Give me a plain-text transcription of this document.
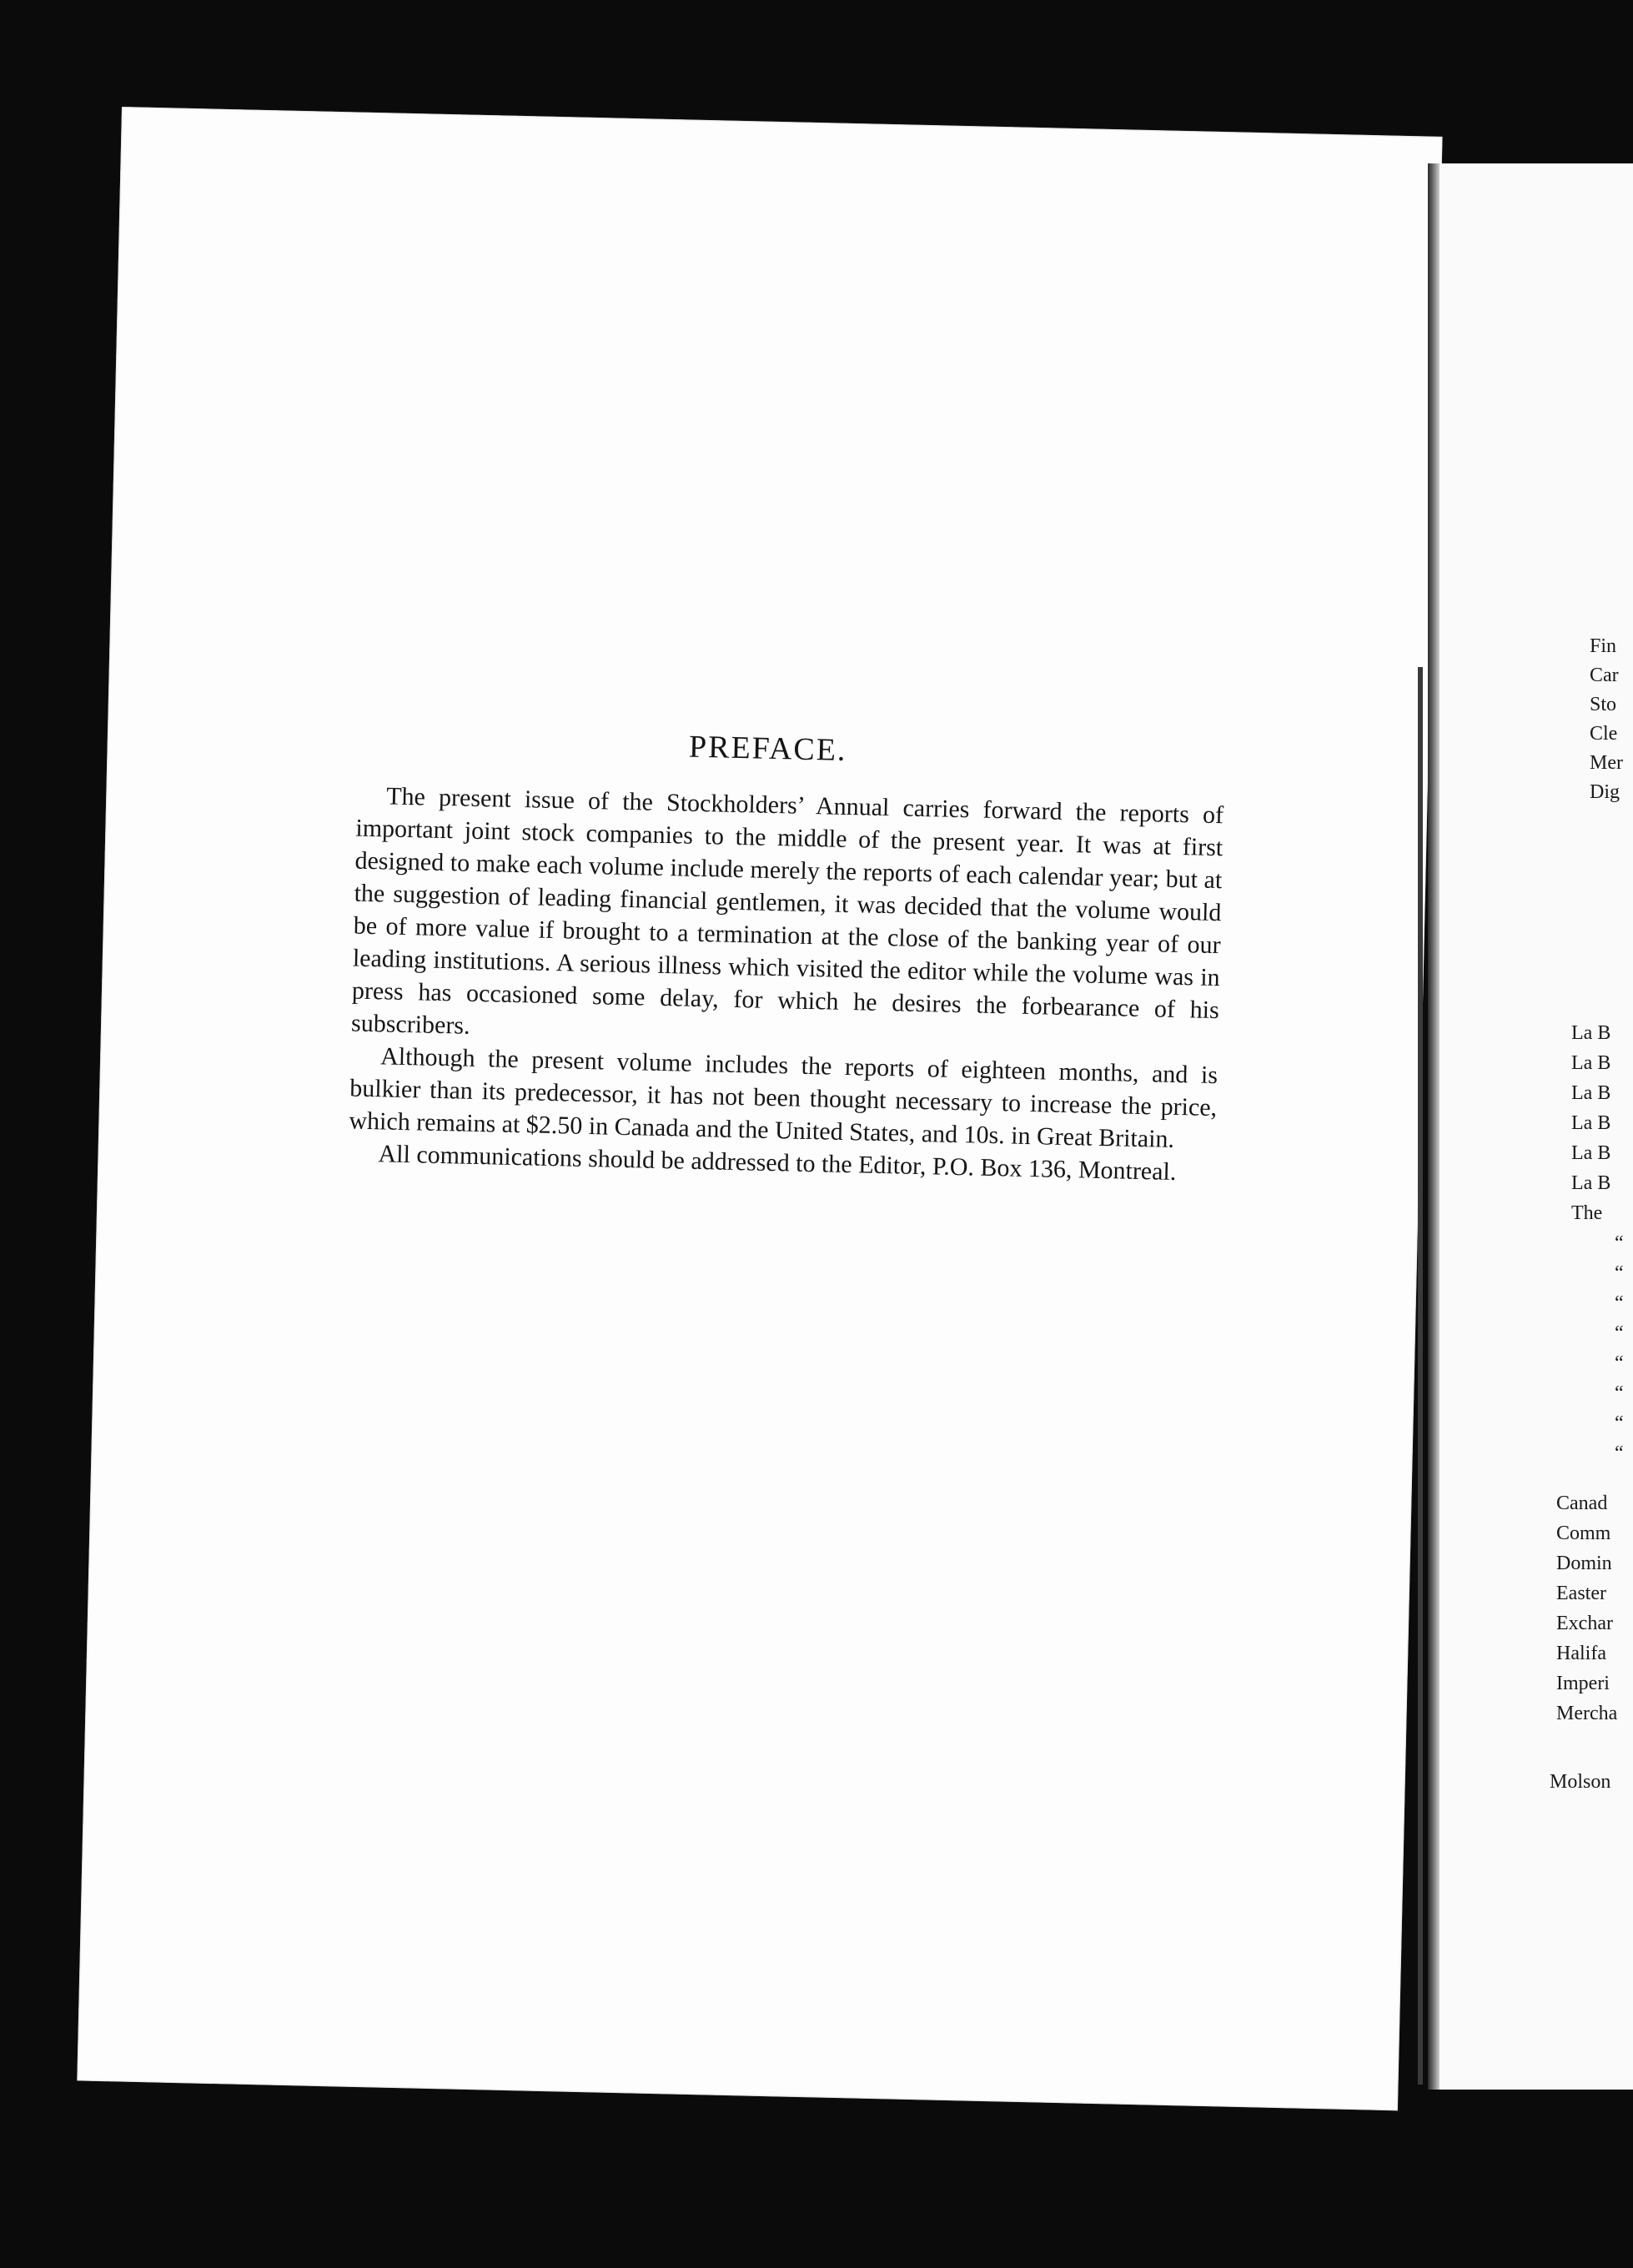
PREFACE.

The present issue of the Stockholders’ Annual carries forward the reports of important joint stock companies to the middle of the present year. It was at first designed to make each volume include merely the reports of each calendar year; but at the suggestion of leading financial gentlemen, it was decided that the volume would be of more value if brought to a termination at the close of the banking year of our leading institutions. A serious illness which visited the editor while the volume was in press has occasioned some delay, for which he desires the forbearance of his subscribers.

Although the present volume includes the reports of eighteen months, and is bulkier than its predecessor, it has not been thought necessary to increase the price, which remains at $2.50 in Canada and the United States, and 10s. in Great Britain.

All communications should be addressed to the Editor, P.O. Box 136, Montreal.

Fin
Car
Sto
Cle
Mer
Dig
La B
La B
La B
La B
La B
La B
The
“
“
“
“
“
“
“
“
Canad
Comm
Domin
Easter
Exchar
Halifa
Imperi
Mercha
Molson
